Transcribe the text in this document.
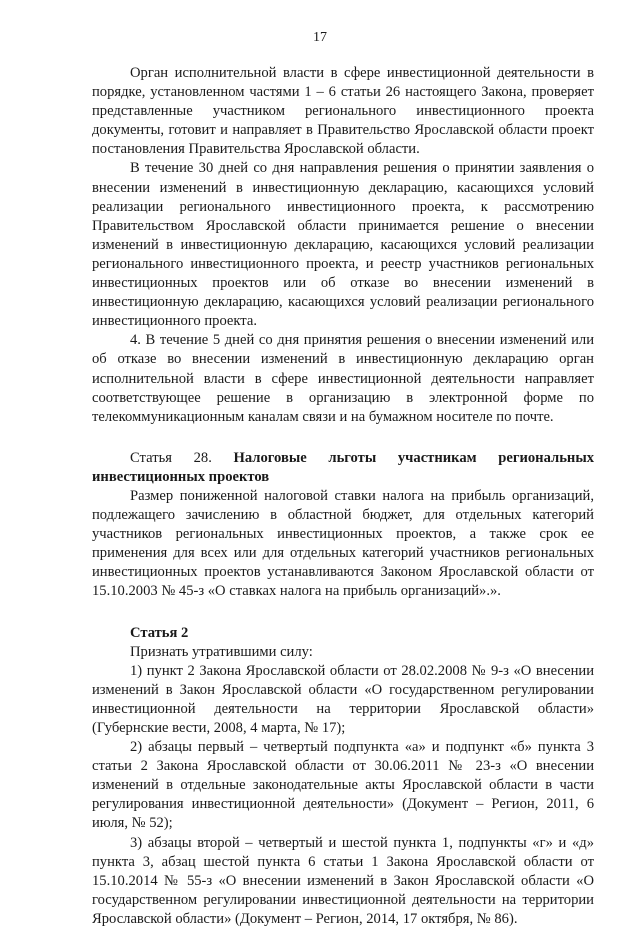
17

Орган исполнительной власти в сфере инвестиционной деятельности в порядке, установленном частями 1 – 6 статьи 26 настоящего Закона, проверяет представленные участником регионального инвестиционного проекта документы, готовит и направляет в Правительство Ярославской области проект постановления Правительства Ярославской области.

В течение 30 дней со дня направления решения о принятии заявления о внесении изменений в инвестиционную декларацию, касающихся условий реализации регионального инвестиционного проекта, к рассмотрению Правительством Ярославской области принимается решение о внесении изменений в инвестиционную декларацию, касающихся условий реализации регионального инвестиционного проекта, и реестр участников региональных инвестиционных проектов или об отказе во внесении изменений в инвестиционную декларацию, касающихся условий реализации регионального инвестиционного проекта.

4. В течение 5 дней со дня принятия решения о внесении изменений или об отказе во внесении изменений в инвестиционную декларацию орган исполнительной власти в сфере инвестиционной деятельности направляет соответствующее решение в организацию в электронной форме по телекоммуникационным каналам связи и на бумажном носителе по почте.

Статья 28. Налоговые льготы участникам региональных инвестиционных проектов

Размер пониженной налоговой ставки налога на прибыль организаций, подлежащего зачислению в областной бюджет, для отдельных категорий участников региональных инвестиционных проектов, а также срок ее применения для всех или для отдельных категорий участников региональных инвестиционных проектов устанавливаются Законом Ярославской области от 15.10.2003 № 45-з «О ставках налога на прибыль организаций».».

Статья 2

Признать утратившими силу:

1) пункт 2 Закона Ярославской области от 28.02.2008 № 9-з «О внесении изменений в Закон Ярославской области «О государственном регулировании инвестиционной деятельности на территории Ярославской области» (Губернские вести, 2008, 4 марта, № 17);

2) абзацы первый – четвертый подпункта «а» и подпункт «б» пункта 3 статьи 2 Закона Ярославской области от 30.06.2011 № 23-з «О внесении изменений в отдельные законодательные акты Ярославской области в части регулирования инвестиционной деятельности» (Документ – Регион, 2011, 6 июля, № 52);

3) абзацы второй – четвертый и шестой пункта 1, подпункты «г» и «д» пункта 3, абзац шестой пункта 6 статьи 1 Закона Ярославской области от 15.10.2014 № 55-з «О внесении изменений в Закон Ярославской области «О государственном регулировании инвестиционной деятельности на территории Ярославской области» (Документ – Регион, 2014, 17 октября, № 86).
